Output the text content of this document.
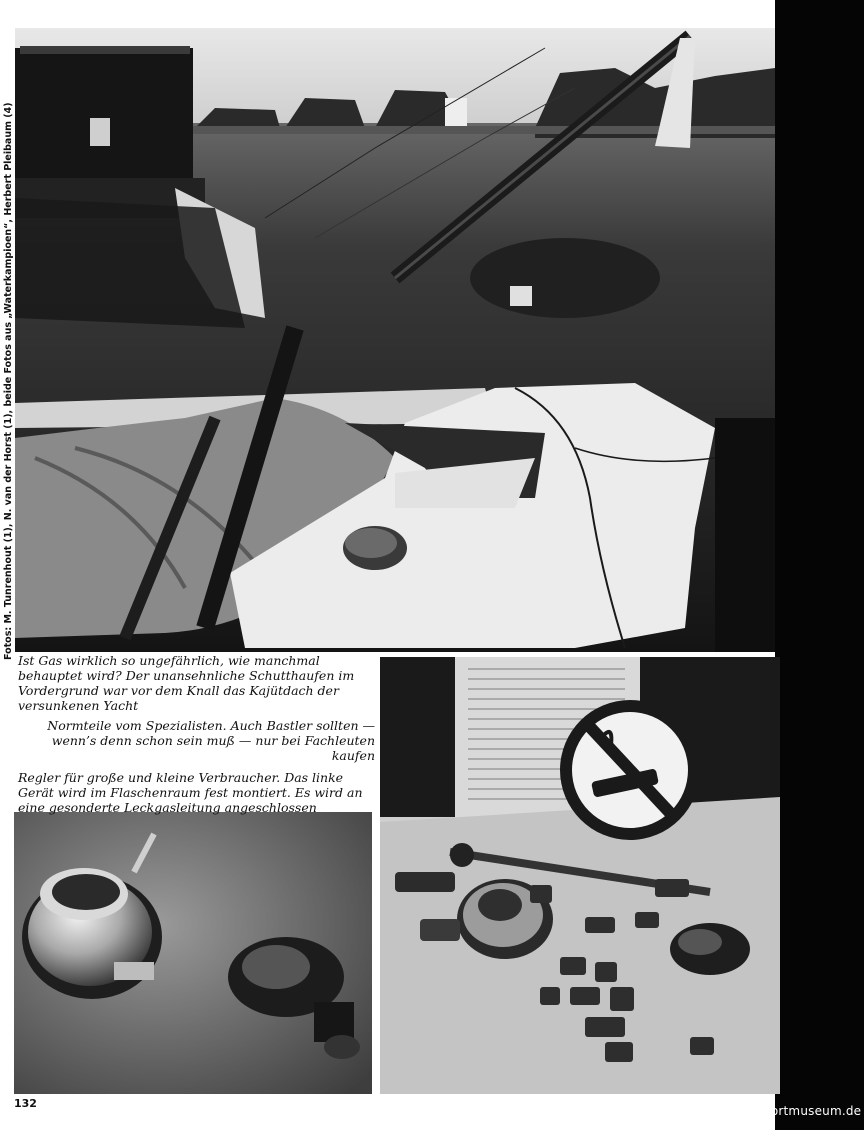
Fotos: M. Tunrenhout (1), N. van der Horst (1), beide Fotos aus „Waterkampioen“, Herbert Pleibaum (4)
Ist Gas wirklich so ungefährlich, wie manchmal behauptet wird? Der unansehnliche Schutthaufen im Vordergrund war vor dem Knall das Kajütdach der versunkenen Yacht
Normteile vom Spezialisten. Auch Bastler sollten — wenn’s denn schon sein muß — nur bei Fachleuten kaufen
Regler für große und kleine Verbraucher. Das linke Gerät wird im Flaschenraum fest montiert. Es wird an eine gesonderte Leckgasleitung angeschlossen
132
© yachtsportmuseum.de
